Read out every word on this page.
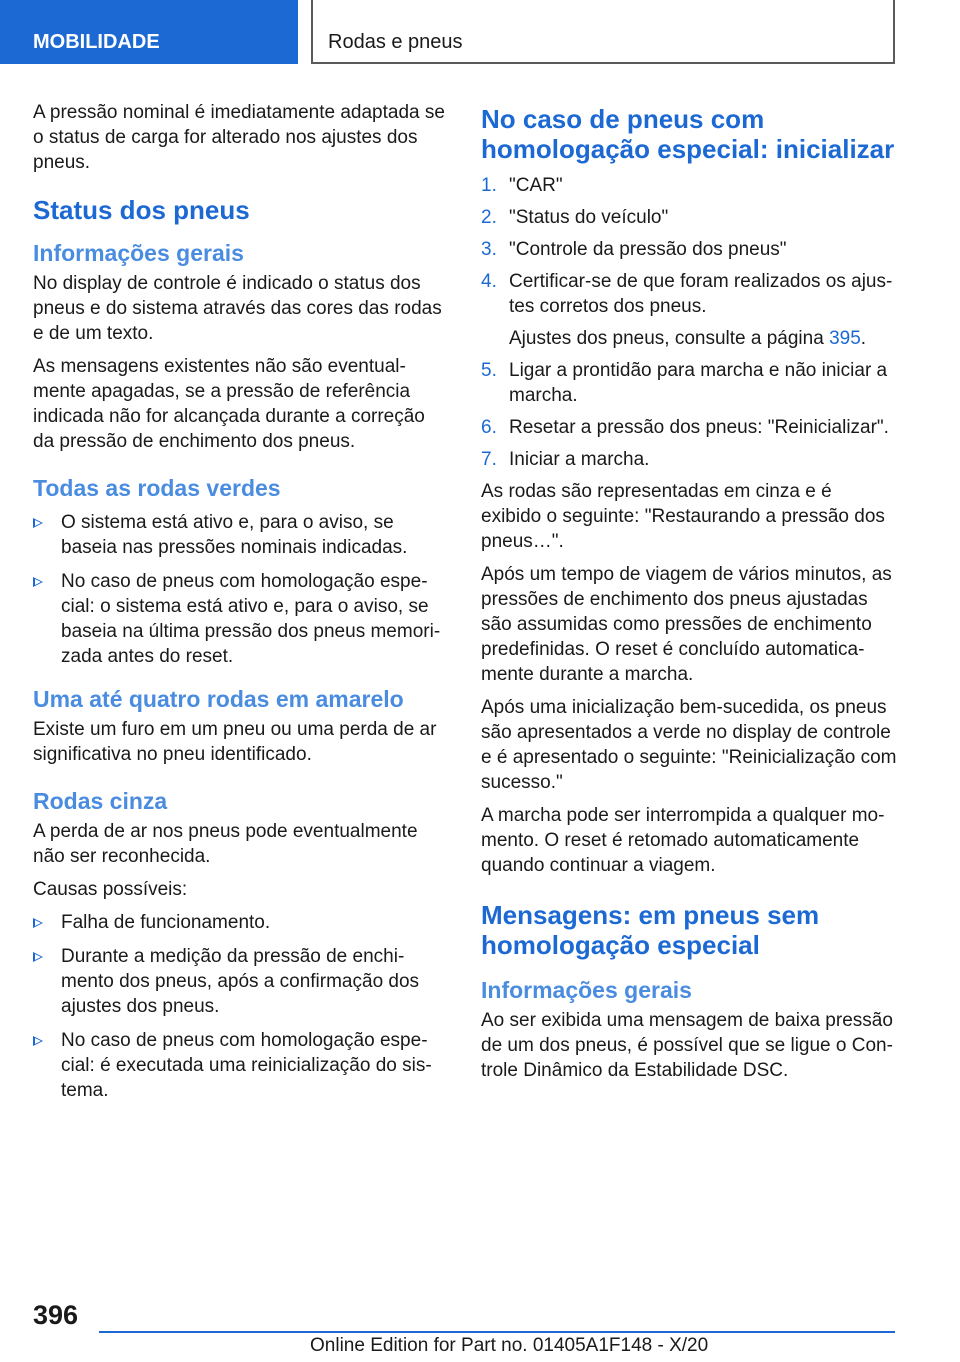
MOBILIDADE	Rodas e pneus

A pressão nominal é imediatamente adaptada se o status de carga for alterado nos ajustes dos pneus.

Status dos pneus
Informações gerais

No display de controle é indicado o status dos pneus e do sistema através das cores das rodas e de um texto.

As mensagens existentes não são eventualmente apagadas, se a pressão de referência indicada não for alcançada durante a correção da pressão de enchimento dos pneus.

Todas as rodas verdes
O sistema está ativo e, para o aviso, se baseia nas pressões nominais indicadas.
No caso de pneus com homologação especial: o sistema está ativo e, para o aviso, se baseia na última pressão dos pneus memorizada antes do reset.
Uma até quatro rodas em amarelo

Existe um furo em um pneu ou uma perda de ar significativa no pneu identificado.

Rodas cinza

A perda de ar nos pneus pode eventualmente não ser reconhecida.

Causas possíveis:

Falha de funcionamento.
Durante a medição da pressão de enchimento dos pneus, após a confirmação dos ajustes dos pneus.
No caso de pneus com homologação especial: é executada uma reinicialização do sistema.
No caso de pneus com homologação especial: inicializar
1. "CAR"
2. "Status do veículo"
3. "Controle da pressão dos pneus"
4. Certificar-se de que foram realizados os ajustes corretos dos pneus.
Ajustes dos pneus, consulte a página 395.
5. Ligar a prontidão para marcha e não iniciar a marcha.
6. Resetar a pressão dos pneus: "Reinicializar".
7. Iniciar a marcha.

As rodas são representadas em cinza e é exibido o seguinte: "Restaurando a pressão dos pneus…".

Após um tempo de viagem de vários minutos, as pressões de enchimento dos pneus ajustadas são assumidas como pressões de enchimento predefinidas. O reset é concluído automaticamente durante a marcha.

Após uma inicialização bem-sucedida, os pneus são apresentados a verde no display de controle e é apresentado o seguinte: "Reinicialização com sucesso."

A marcha pode ser interrompida a qualquer momento. O reset é retomado automaticamente quando continuar a viagem.

Mensagens: em pneus sem homologação especial
Informações gerais

Ao ser exibida uma mensagem de baixa pressão de um dos pneus, é possível que se ligue o Controle Dinâmico da Estabilidade DSC.

396
Online Edition for Part no. 01405A1F148 - X/20
